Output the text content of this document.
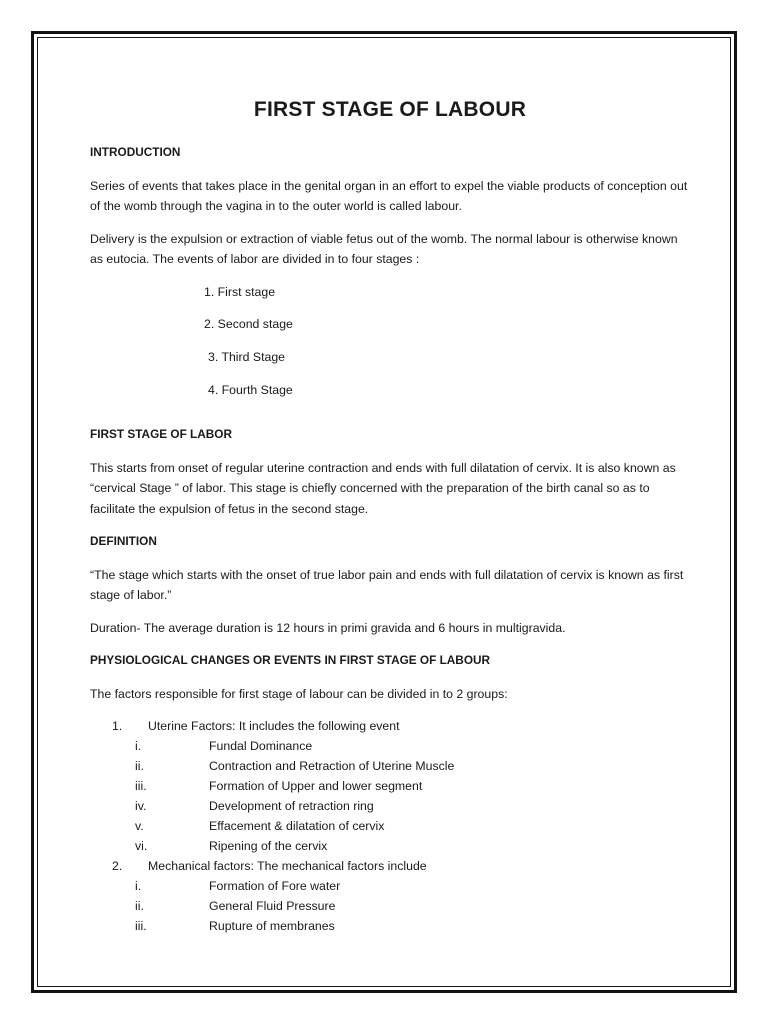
FIRST STAGE OF LABOUR
INTRODUCTION

Series of events that takes place in the genital organ in an effort to expel the viable products of conception out of the womb through the vagina in to the outer world is called labour.

Delivery is the expulsion or extraction of viable fetus out of the womb. The normal labour is otherwise known as eutocia. The events of labor are divided in to four stages :

1. First stage
2. Second stage
3. Third Stage
4. Fourth Stage
FIRST STAGE OF LABOR

This starts from onset of regular uterine contraction and ends with full dilatation of cervix. It is also known as “cervical Stage ” of labor. This stage is chiefly concerned with the preparation of the birth canal so as to facilitate the expulsion of fetus in the second stage.

DEFINITION

“The stage which starts with the onset of true labor pain and ends with full dilatation of cervix is known as first stage of labor.”

Duration- The average duration is 12 hours in primi gravida and 6 hours in multigravida.

PHYSIOLOGICAL CHANGES OR EVENTS IN FIRST STAGE OF LABOUR

The factors responsible for first stage of labour can be divided in to 2 groups:

1.	Uterine Factors: It includes the following event
i.	Fundal Dominance
ii.	Contraction and Retraction of Uterine Muscle
iii.	Formation of Upper and lower segment
iv.	Development of retraction ring
v.	Effacement & dilatation of cervix
vi.	Ripening of the cervix
2.	Mechanical factors: The mechanical factors include
i.	Formation of Fore water
ii.	General Fluid Pressure
iii.	Rupture of membranes
